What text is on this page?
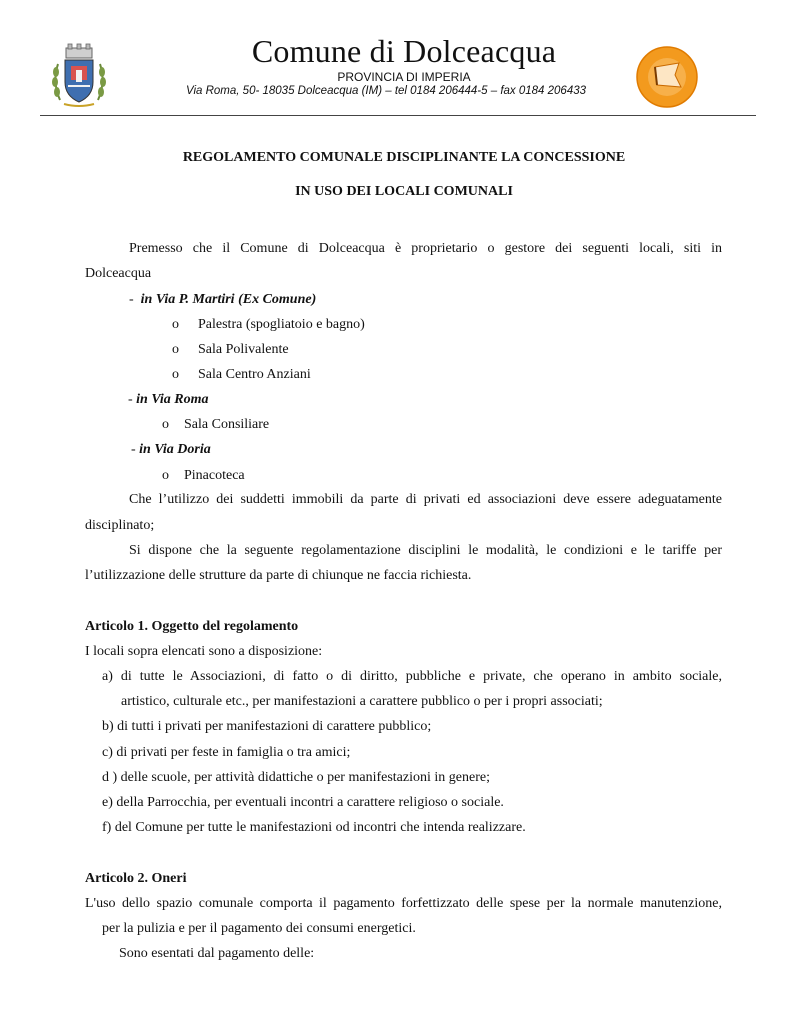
Comune di Dolceacqua
PROVINCIA DI IMPERIA
Via Roma, 50- 18035 Dolceacqua (IM) – tel 0184 206444-5 – fax 0184 206433
REGOLAMENTO COMUNALE DISCIPLINANTE LA CONCESSIONE
IN USO DEI LOCALI COMUNALI
Premesso che il Comune di Dolceacqua è proprietario o gestore dei seguenti locali, siti in
Dolceacqua
- in Via P. Martiri (Ex Comune)
o Palestra (spogliatoio e bagno)
o Sala Polivalente
o Sala Centro Anziani
- in Via Roma
o Sala Consiliare
- in Via Doria
o Pinacoteca
Che l’utilizzo dei suddetti immobili da parte di privati ed associazioni deve essere adeguatamente
disciplinato;
Si dispone che la seguente regolamentazione disciplini le modalità, le condizioni e le tariffe per
l’utilizzazione delle strutture da parte di chiunque ne faccia richiesta.
Articolo 1. Oggetto del regolamento
I locali sopra elencati sono a disposizione:
a) di tutte le Associazioni, di fatto o di diritto, pubbliche e private, che operano in ambito sociale,
artistico, culturale etc., per manifestazioni a carattere pubblico o per i propri associati;
b) di tutti i privati per manifestazioni di carattere pubblico;
c) di privati per feste in famiglia o tra amici;
d ) delle scuole, per attività didattiche o per manifestazioni in genere;
e) della Parrocchia, per eventuali incontri a carattere religioso o sociale.
f) del Comune per tutte le manifestazioni od incontri che intenda realizzare.
Articolo 2. Oneri
L'uso dello spazio comunale comporta il pagamento forfettizzato delle spese per la normale manutenzione,
per la pulizia e per il pagamento dei consumi energetici.
Sono esentati dal pagamento delle:
